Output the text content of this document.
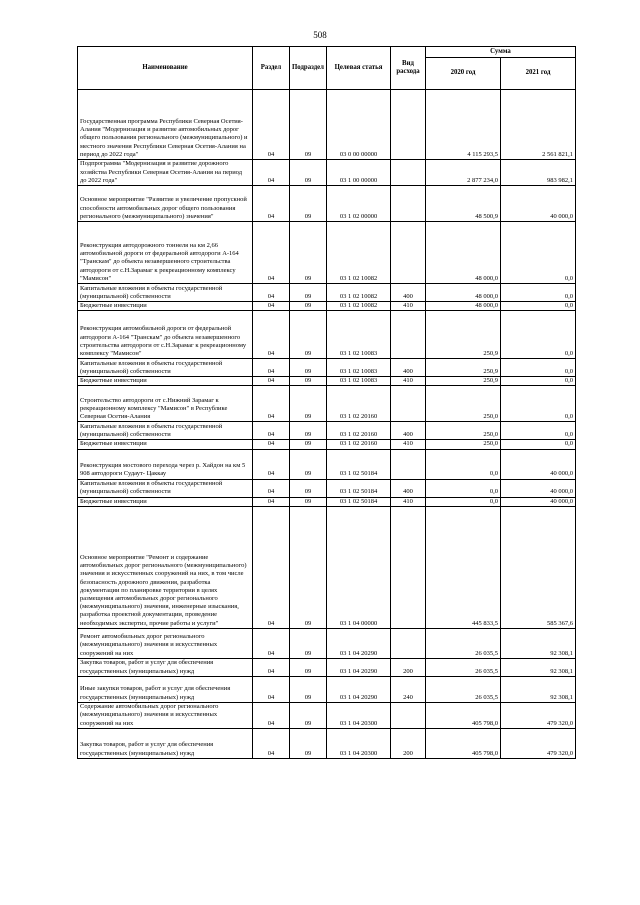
508
Наименование	Раздел	Подраздел	Целевая статья	Вид расхода	Сумма	
					2020 год	2021 год
Государственная программа Республики Северная Осетия-Алания "Модернизация и развитие автомобильных дорог общего пользования регионального (межмуниципального) и местного значения Республики Северная Осетия-Алания на период до 2022 года"	04	09	03 0 00 00000		4 115 293,5	2 561 821,1
Подпрограмма "Модернизация и развитие дорожного хозяйства Республики Северная Осетия-Алания на период до 2022 года"	04	09	03 1 00 00000		2 877 234,0	983 982,1
Основное мероприятие "Развитие и увеличение пропускной способности автомобильных дорог общего пользования регионального (межмуниципального) значения"	04	09	03 1 02 00000		48 500,9	40 000,0
Реконструкция автодорожного тоннеля на км 2,66 автомобильной дороги от федеральной автодороги А-164 "Транскам" до объекта незавершенного строительства автодороги от с.Н.Зарамаг к рекреационному комплексу "Мамисон"	04	09	03 1 02 10082		48 000,0	0,0
Капитальные вложения в объекты государственной (муниципальной) собственности	04	09	03 1 02 10082	400	48 000,0	0,0
Бюджетные инвестиции	04	09	03 1 02 10082	410	48 000,0	0,0
Реконструкция автомобильной дороги от федеральной автодороги А-164 "Транскам" до объекта незавершенного строительства автодороги от с.Н.Зарамаг к рекреационному комплексу "Мамисон"	04	09	03 1 02 10083		250,9	0,0
Капитальные вложения в объекты государственной (муниципальной) собственности	04	09	03 1 02 10083	400	250,9	0,0
Бюджетные инвестиции	04	09	03 1 02 10083	410	250,9	0,0
Строительство автодороги от с.Нижний Зарамаг к рекреационному комплексу "Мамисон" в Республике Северная Осетия-Алания	04	09	03 1 02 20160		250,0	0,0
Капитальные вложения в объекты государственной (муниципальной) собственности	04	09	03 1 02 20160	400	250,0	0,0
Бюджетные инвестиции	04	09	03 1 02 20160	410	250,0	0,0
Реконструкция мостового перехода через р. Хайдон на км 5 908 автодороги Судаут- Цаккау	04	09	03 1 02 50184		0,0	40 000,0
Капитальные вложения в объекты государственной (муниципальной) собственности	04	09	03 1 02 50184	400	0,0	40 000,0
Бюджетные инвестиции	04	09	03 1 02 50184	410	0,0	40 000,0
Основное мероприятие "Ремонт и содержание автомобильных дорог регионального (межмуниципального) значения и искусственных сооружений на них, в том числе безопасность дорожного движения, разработка документации по планировке территории в целях размещения автомобильных дорог регионального (межмуниципального) значения, инженерные изыскания, разработка проектной документации, проведение необходимых экспертиз, прочие работы и услуги"	04	09	03 1 04 00000		445 833,5	585 367,6
Ремонт автомобильных дорог регионального (межмуниципального) значения и искусственных сооружений на них	04	09	03 1 04 20290		26 035,5	92 308,1
Закупка товаров, работ и услуг для обеспечения государственных (муниципальных) нужд	04	09	03 1 04 20290	200	26 035,5	92 308,1
Иные закупки товаров, работ и услуг для обеспечения государственных (муниципальных) нужд	04	09	03 1 04 20290	240	26 035,5	92 308,1
Содержание автомобильных дорог регионального (межмуниципального) значения и искусственных сооружений на них	04	09	03 1 04 20300		405 798,0	479 320,0
Закупка товаров, работ и услуг для обеспечения государственных (муниципальных) нужд	04	09	03 1 04 20300	200	405 798,0	479 320,0
